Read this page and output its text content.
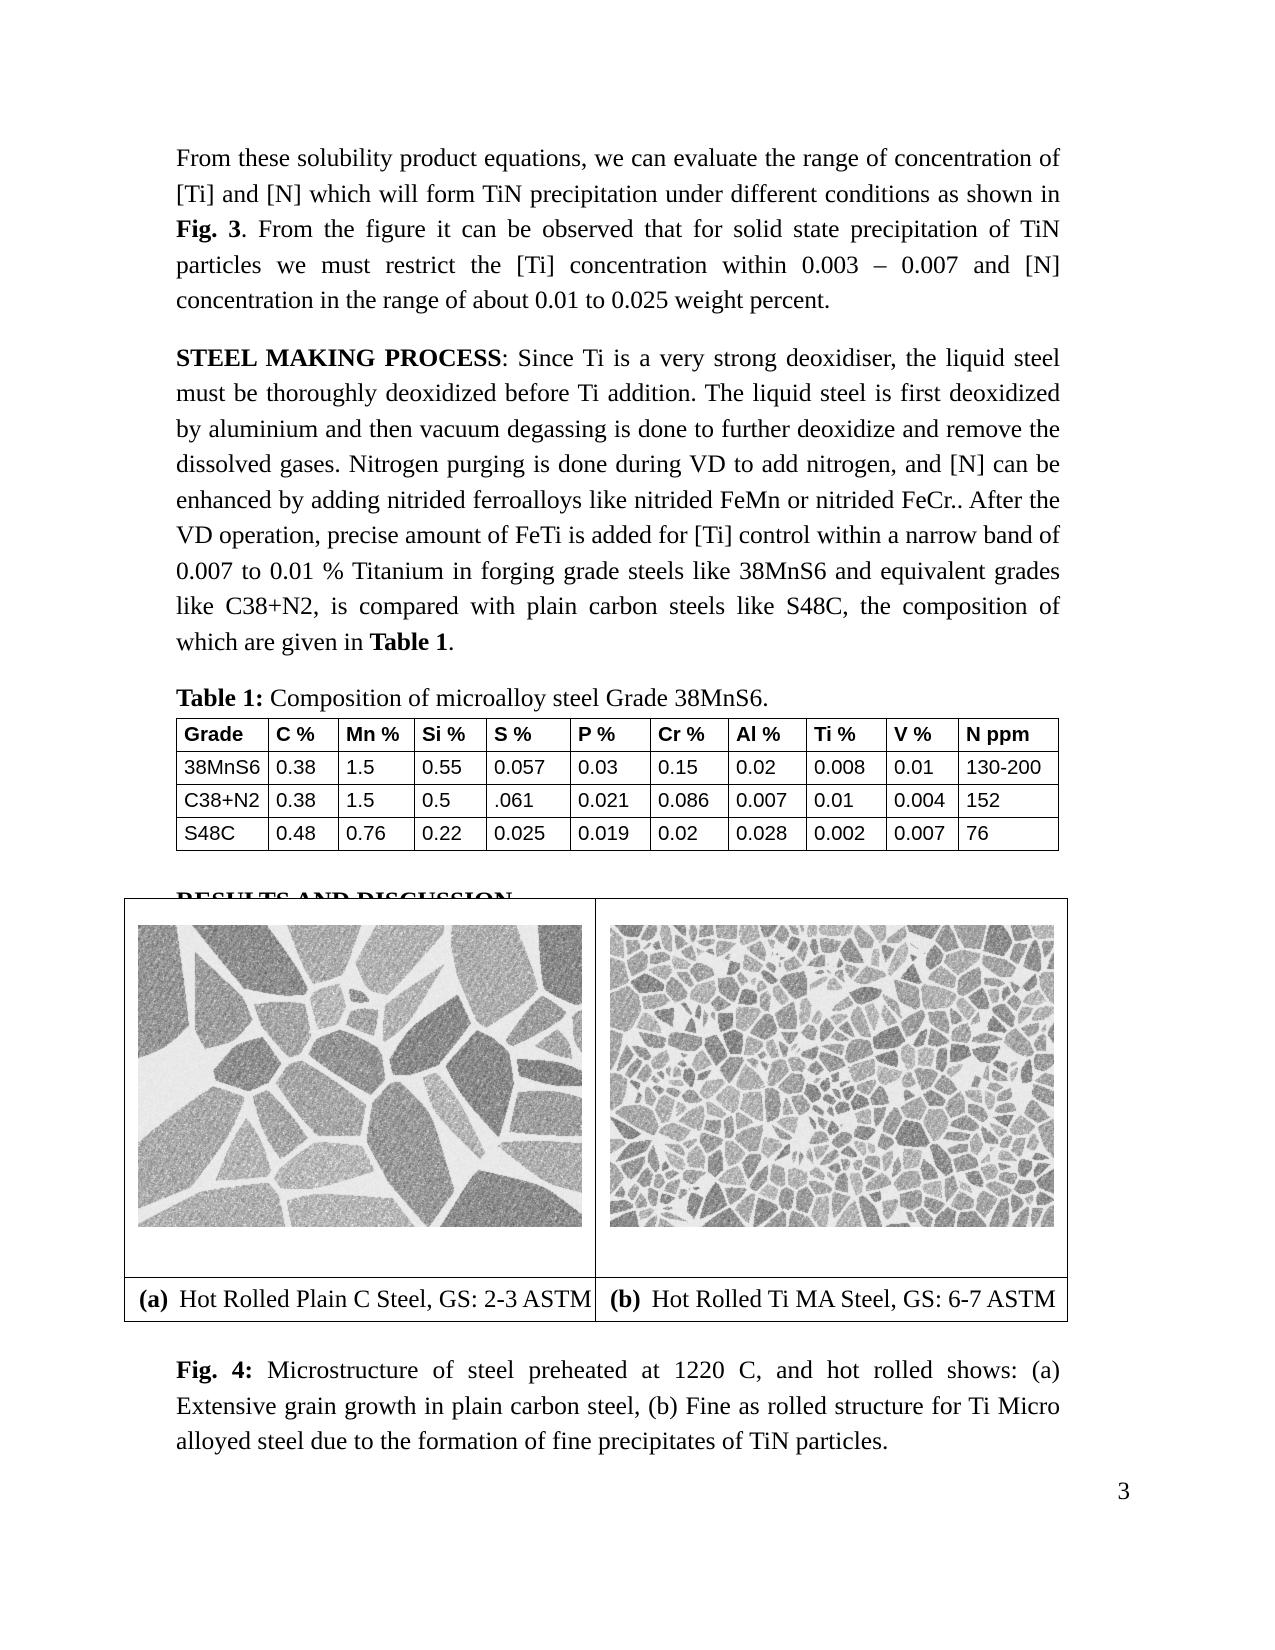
From these solubility product equations, we can evaluate the range of concentration of [Ti] and [N] which will form TiN precipitation under different conditions as shown in Fig. 3. From the figure it can be observed that for solid state precipitation of TiN particles we must restrict the [Ti] concentration within 0.003 – 0.007 and [N] concentration in the range of about 0.01 to 0.025 weight percent.

STEEL MAKING PROCESS: Since Ti is a very strong deoxidiser, the liquid steel must be thoroughly deoxidized before Ti addition. The liquid steel is first deoxidized by aluminium and then vacuum degassing is done to further deoxidize and remove the dissolved gases. Nitrogen purging is done during VD to add nitrogen, and [N] can be enhanced by adding nitrided ferroalloys like nitrided FeMn or nitrided FeCr.. After the VD operation, precise amount of FeTi is added for [Ti] control within a narrow band of 0.007 to 0.01 % Titanium in forging grade steels like 38MnS6 and equivalent grades like C38+N2, is compared with plain carbon steels like S48C, the composition of which are given in Table 1.

Table 1: Composition of microalloy steel Grade 38MnS6.
Grade	C %	Mn %	Si %	S %	P %	Cr %	Al %	Ti %	V %	N ppm
38MnS6	0.38	1.5	0.55	0.057	0.03	0.15	0.02	0.008	0.01	130-200
C38+N2	0.38	1.5	0.5	.061	0.021	0.086	0.007	0.01	0.004	152
S48C	0.48	0.76	0.22	0.025	0.019	0.02	0.028	0.002	0.007	76

(a) Hot Rolled Plain C Steel, GS: 2-3 ASTM (b) Hot Rolled Ti MA Steel, GS: 6-7 ASTM
Fig. 4: Microstructure of steel preheated at 1220 C, and hot rolled shows: (a) Extensive grain growth in plain carbon steel, (b) Fine as rolled structure for Ti Micro alloyed steel due to the formation of fine precipitates of TiN particles.
3
